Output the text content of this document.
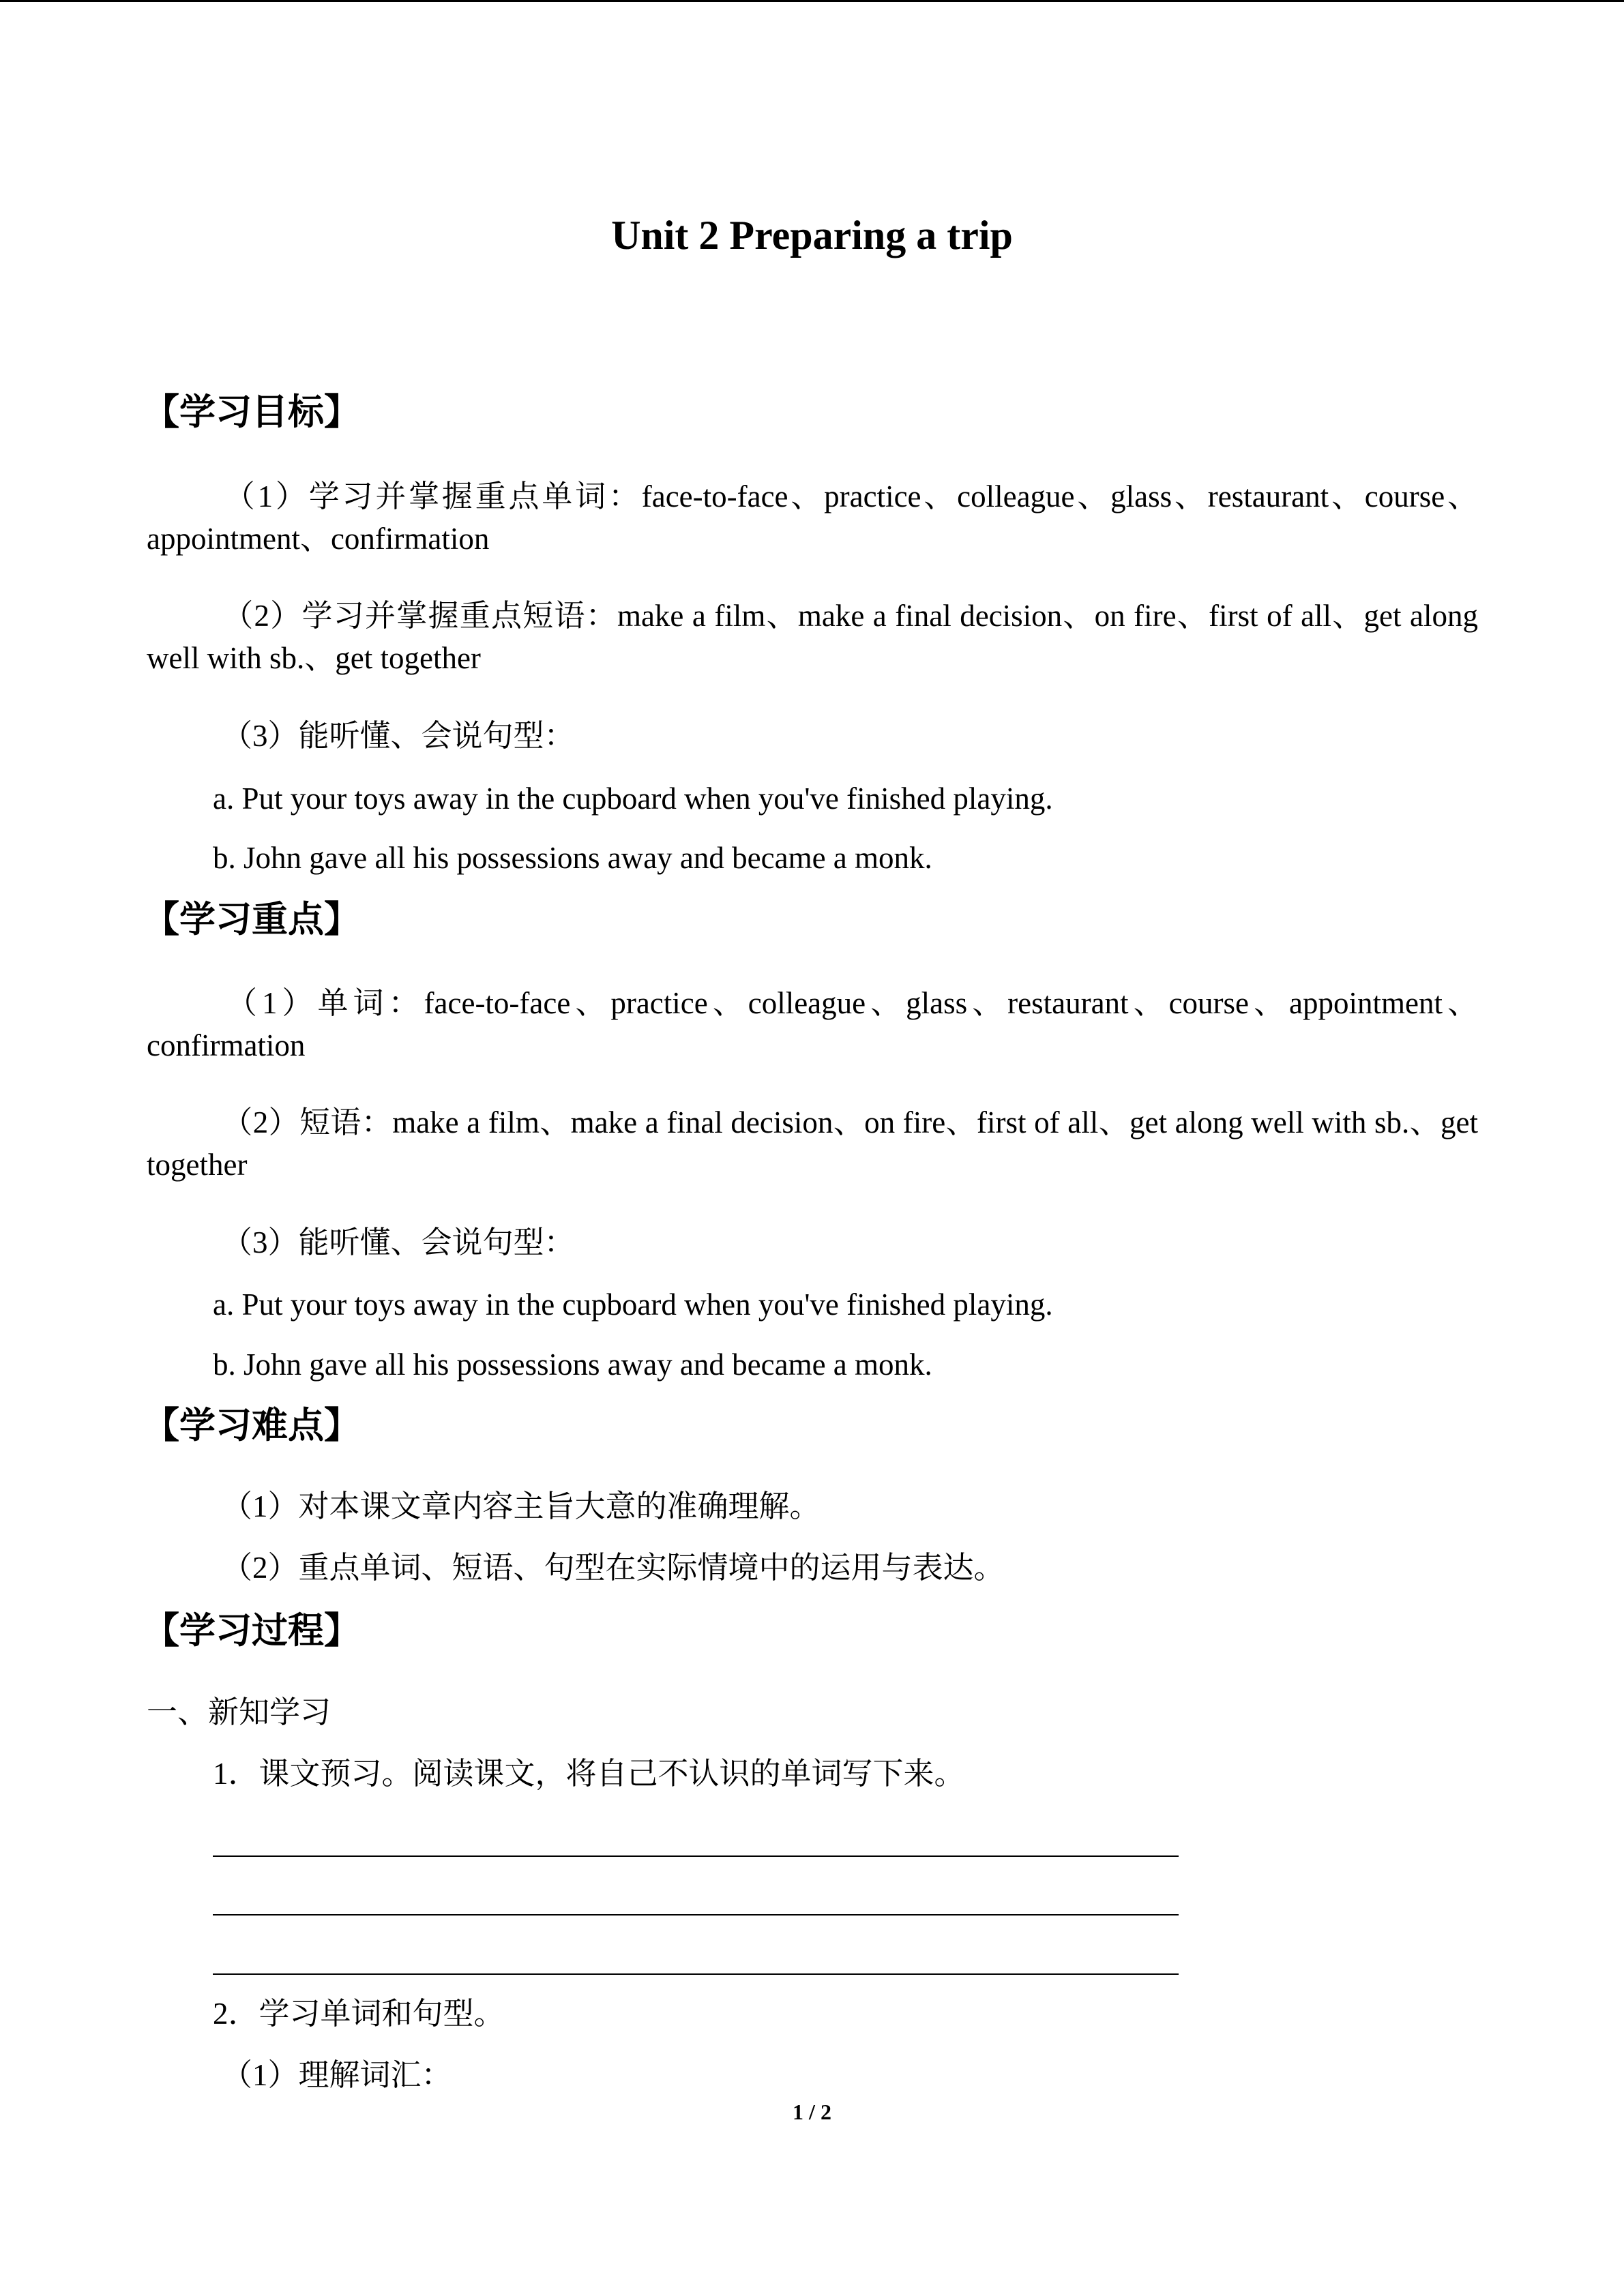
Unit 2 Preparing a trip
【学习目标】
（1）学习并掌握重点单词：face-to-face、practice、colleague、glass、restaurant、course、appointment、confirmation
（2）学习并掌握重点短语：make a film、make a final decision、on fire、first of all、get along well with sb.、get together
（3）能听懂、会说句型：
a. Put your toys away in the cupboard when you've finished playing.
b. John gave all his possessions away and became a monk.
【学习重点】
（1）单词：face-to-face、practice、colleague、glass、restaurant、course、appointment、confirmation
（2）短语：make a film、make a final decision、on fire、first of all、get along well with sb.、get together
（3）能听懂、会说句型：
a. Put your toys away in the cupboard when you've finished playing.
b. John gave all his possessions away and became a monk.
【学习难点】
（1）对本课文章内容主旨大意的准确理解。
（2）重点单词、短语、句型在实际情境中的运用与表达。
【学习过程】
一、新知学习
1．课文预习。阅读课文，将自己不认识的单词写下来。
2．学习单词和句型。
（1）理解词汇：
1 / 2
